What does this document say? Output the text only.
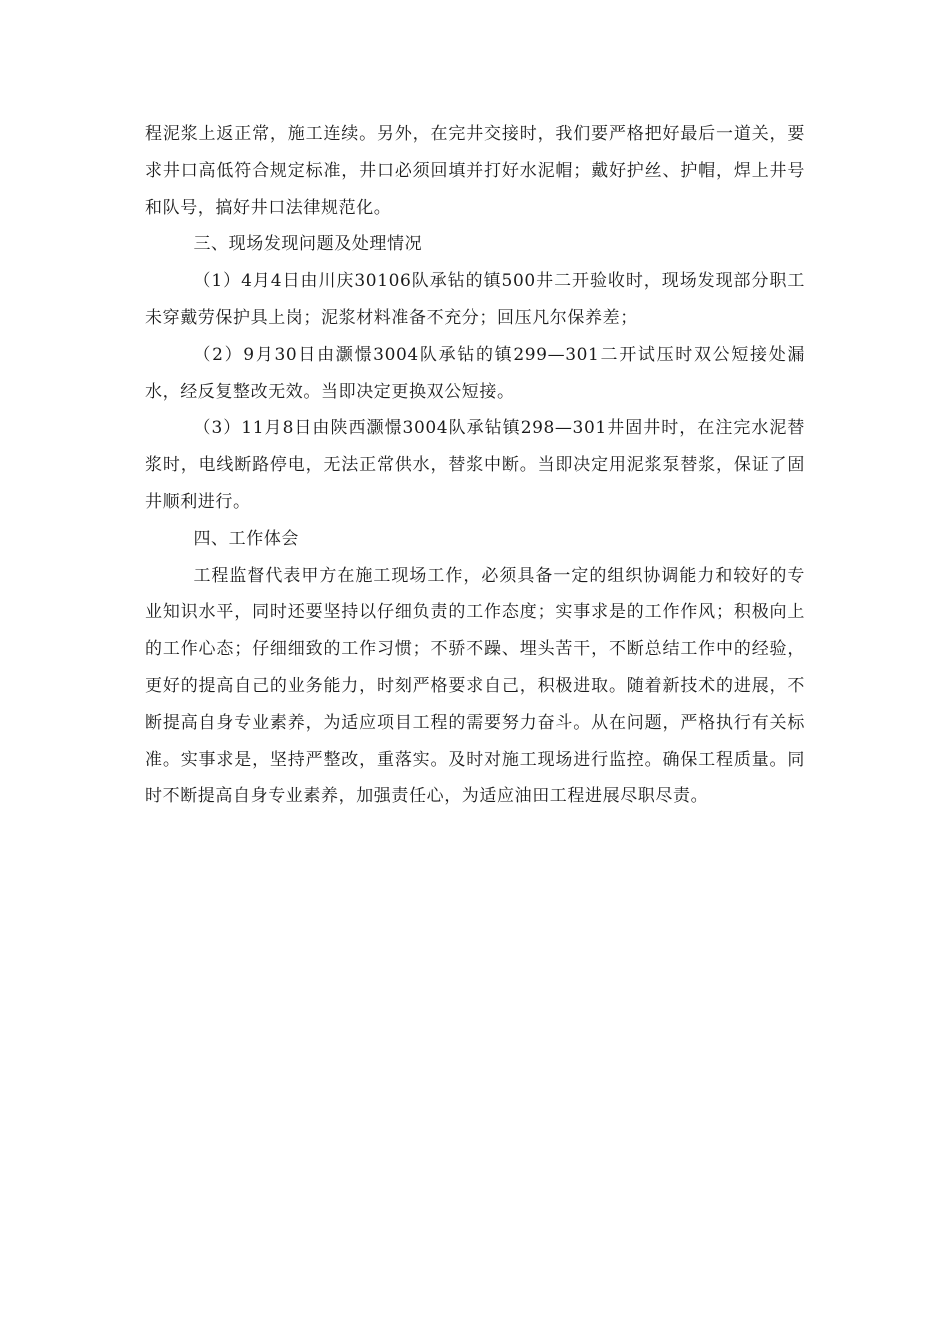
程泥浆上返正常，施工连续。另外，在完井交接时，我们要严格把好最后一道关，要求井口高低符合规定标准，井口必须回填并打好水泥帽；戴好护丝、护帽，焊上井号和队号，搞好井口法律规范化。

三、现场发现问题及处理情况

（1）4月4日由川庆30106队承钻的镇500井二开验收时，现场发现部分职工未穿戴劳保护具上岗；泥浆材料准备不充分；回压凡尔保养差；

（2）9月30日由灏憬3004队承钻的镇299—301二开试压时双公短接处漏水，经反复整改无效。当即决定更换双公短接。

（3）11月8日由陕西灏憬3004队承钻镇298—301井固井时，在注完水泥替浆时，电线断路停电，无法正常供水，替浆中断。当即决定用泥浆泵替浆，保证了固井顺利进行。

四、工作体会

工程监督代表甲方在施工现场工作，必须具备一定的组织协调能力和较好的专业知识水平，同时还要坚持以仔细负责的工作态度；实事求是的工作作风；积极向上的工作心态；仔细细致的工作习惯；不骄不躁、埋头苦干，不断总结工作中的经验，更好的提高自己的业务能力，时刻严格要求自己，积极进取。随着新技术的进展，不断提高自身专业素养，为适应项目工程的需要努力奋斗。从在问题，严格执行有关标准。实事求是，坚持严整改，重落实。及时对施工现场进行监控。确保工程质量。同时不断提高自身专业素养，加强责任心，为适应油田工程进展尽职尽责。
